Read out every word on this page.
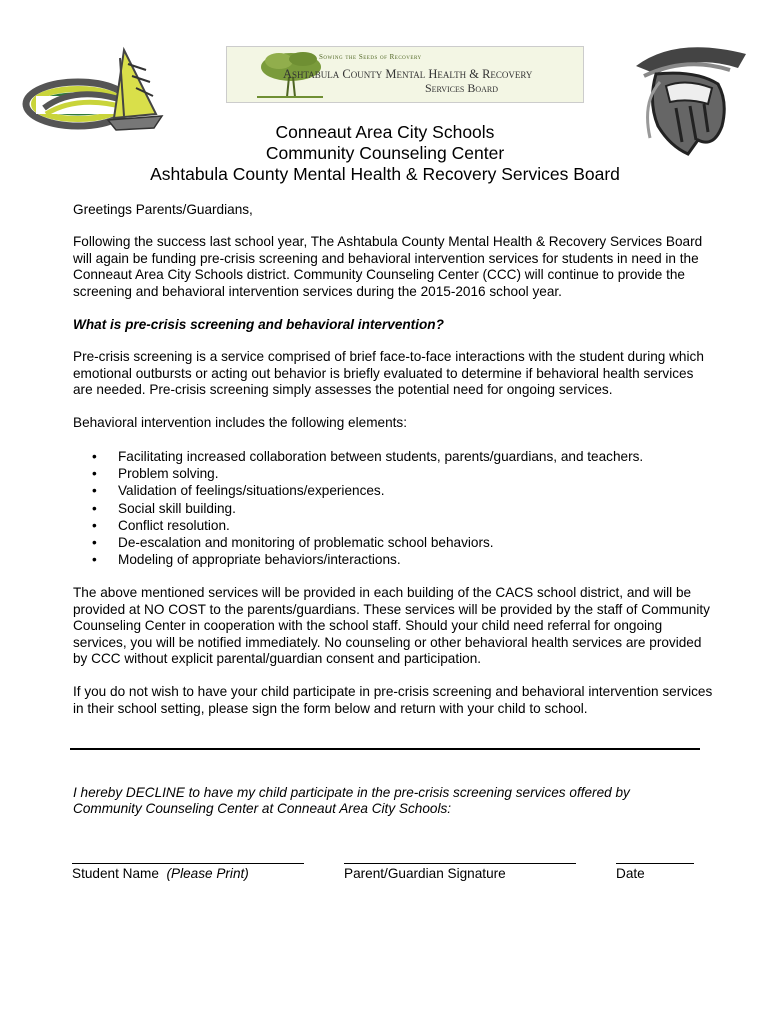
Sowing the Seeds of Recovery
Ashtabula County Mental Health & Recovery
Services Board
Conneaut Area City Schools
Community Counseling Center
Ashtabula County Mental Health & Recovery Services Board
Greetings Parents/Guardians,
Following the success last school year, The Ashtabula County Mental Health & Recovery Services Board will again be funding pre-crisis screening and behavioral intervention services for students in need in the Conneaut Area City Schools district. Community Counseling Center (CCC) will continue to provide the screening and behavioral intervention services during the 2015-2016 school year.
What is pre-crisis screening and behavioral intervention?
Pre-crisis screening is a service comprised of brief face-to-face interactions with the student during which emotional outbursts or acting out behavior is briefly evaluated to determine if behavioral health services are needed. Pre-crisis screening simply assesses the potential need for ongoing services.
Behavioral intervention includes the following elements:
• Facilitating increased collaboration between students, parents/guardians, and teachers.
• Problem solving.
• Validation of feelings/situations/experiences.
• Social skill building.
• Conflict resolution.
• De-escalation and monitoring of problematic school behaviors.
• Modeling of appropriate behaviors/interactions.
The above mentioned services will be provided in each building of the CACS school district, and will be provided at NO COST to the parents/guardians. These services will be provided by the staff of Community Counseling Center in cooperation with the school staff. Should your child need referral for ongoing services, you will be notified immediately. No counseling or other behavioral health services are provided by CCC without explicit parental/guardian consent and participation.
If you do not wish to have your child participate in pre-crisis screening and behavioral intervention services in their school setting, please sign the form below and return with your child to school.
I hereby DECLINE to have my child participate in the pre-crisis screening services offered by
Community Counseling Center at Conneaut Area City Schools:
Student Name (Please Print)	Parent/Guardian Signature	Date
